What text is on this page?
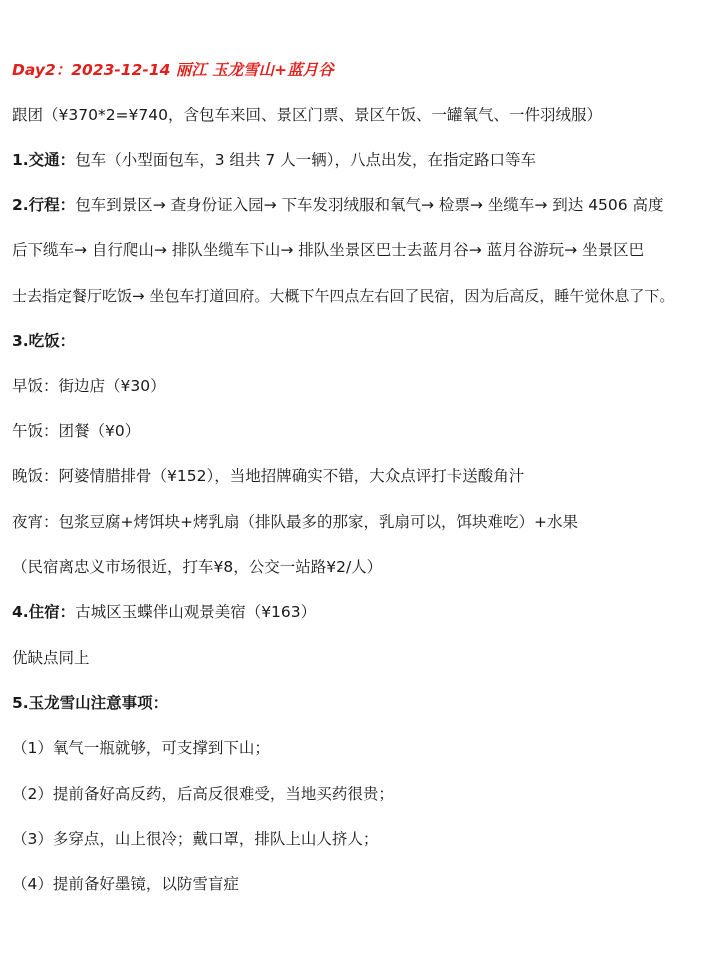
Day2：2023-12-14 丽江 玉龙雪山+蓝月谷
跟团（¥370*2=¥740，含包车来回、景区门票、景区午饭、一罐氧气、一件羽绒服）
1.交通：包车（小型面包车，3 组共 7 人一辆），八点出发，在指定路口等车
2.行程：包车到景区→ 查身份证入园→ 下车发羽绒服和氧气→ 检票→ 坐缆车→ 到达 4506 高度
后下缆车→ 自行爬山→ 排队坐缆车下山→ 排队坐景区巴士去蓝月谷→ 蓝月谷游玩→ 坐景区巴
士去指定餐厅吃饭→ 坐包车打道回府。大概下午四点左右回了民宿，因为后高反，睡午觉休息了下。
3.吃饭：
早饭：街边店（¥30）
午饭：团餐（¥0）
晚饭：阿婆情腊排骨（¥152），当地招牌确实不错，大众点评打卡送酸角汁
夜宵：包浆豆腐+烤饵块+烤乳扇（排队最多的那家，乳扇可以，饵块难吃）+水果
（民宿离忠义市场很近，打车¥8，公交一站路¥2/人）
4.住宿：古城区玉蝶伴山观景美宿（¥163）
优缺点同上
5.玉龙雪山注意事项：
（1）氧气一瓶就够，可支撑到下山；
（2）提前备好高反药，后高反很难受，当地买药很贵；
（3）多穿点，山上很冷；戴口罩，排队上山人挤人；
（4）提前备好墨镜，以防雪盲症
